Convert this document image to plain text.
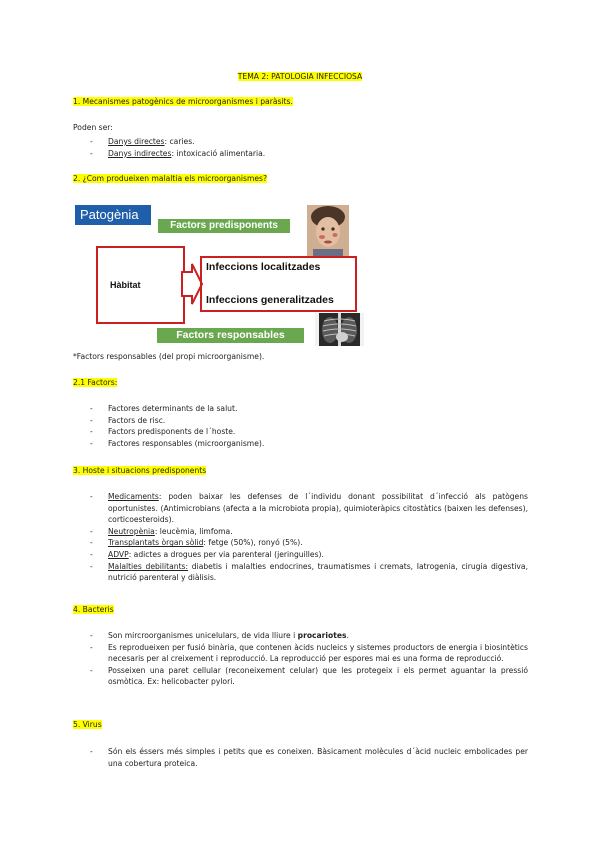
TEMA 2: PATOLOGIA INFECCIOSA
1. Mecanismes patogènics de microorganismes i paràsits.
Poden ser:
- Danys directes: caries.
- Danys indirectes: intoxicació alimentaria.
2. ¿Com produeixen malaltia els microorganismes?
Patogènia
Factors predisponents
Hàbitat
Infeccions localitzades
Infeccions generalitzades
Factors responsables
*Factors responsables (del propi microorganisme).
2.1 Factors:
- Factores determinants de la salut.
- Factors de risc.
- Factors predisponents de l´hoste.
- Factores responsables (microorganisme).
3. Hoste i situacions predisponents
- Medicaments: poden baixar les defenses de l´individu donant possibilitat d´infecció als patògens oportunistes. (Antimicrobians (afecta a la microbiota propia), quimioteràpics citostàtics (baixen les defenses), corticoesteroids).
- Neutropènia: leucèmia, limfoma.
- Transplantats òrgan sòlid: fetge (50%), ronyó (5%).
- ADVP: adictes a drogues per via parenteral (jeringuilles).
- Malalties debilitants: diabetis i malalties endocrines, traumatismes i cremats, Iatrogenia, cirugia digestiva, nutrició parenteral y diàlisis.
4. Bacteris
- Son mircroorganismes unicelulars, de vida lliure i procariotes.
- Es reprodueixen per fusió binària, que contenen àcids nucleics y sistemes productors de energia i biosintètics necesaris per al creixement i reproducció. La reproducció per espores mai es una forma de reproducció.
- Posseixen una paret cellular (reconeixement celular) que les protegeix i els permet aguantar la pressió osmòtica. Ex: helicobacter pylori.
5. Virus
- Són els éssers més simples i petits que es coneixen. Bàsicament molècules d´àcid nucleic embolicades per una cobertura proteica.
